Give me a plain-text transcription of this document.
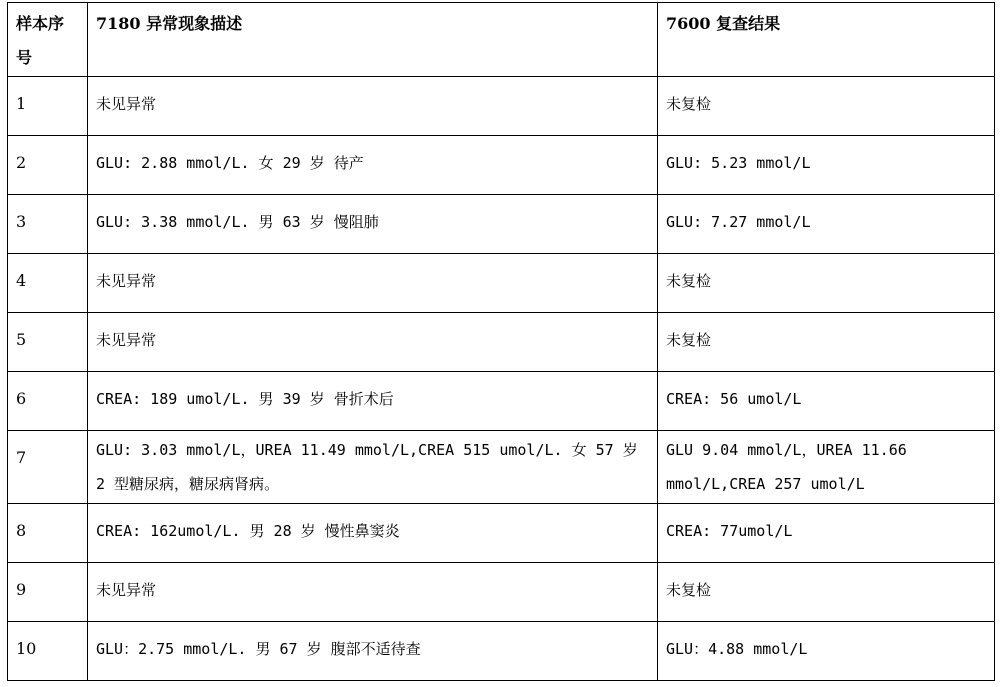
样本序号	7180 异常现象描述	7600 复查结果
1	未见异常	未复检
2	GLU: 2.88 mmol/L. 女 29 岁 待产	GLU: 5.23 mmol/L
3	GLU: 3.38 mmol/L. 男 63 岁 慢阻肺	GLU: 7.27 mmol/L
4	未见异常	未复检
5	未见异常	未复检
6	CREA: 189 umol/L. 男 39 岁 骨折术后	CREA: 56 umol/L
7	GLU: 3.03 mmol/L，UREA 11.49 mmol/L,CREA 515 umol/L. 女 57 岁 2 型糖尿病，糖尿病肾病。	GLU 9.04 mmol/L，UREA 11.66 mmol/L,CREA 257 umol/L
8	CREA: 162umol/L. 男 28 岁 慢性鼻窦炎	CREA: 77umol/L
9	未见异常	未复检
10	GLU：2.75 mmol/L. 男 67 岁 腹部不适待查	GLU：4.88 mmol/L
